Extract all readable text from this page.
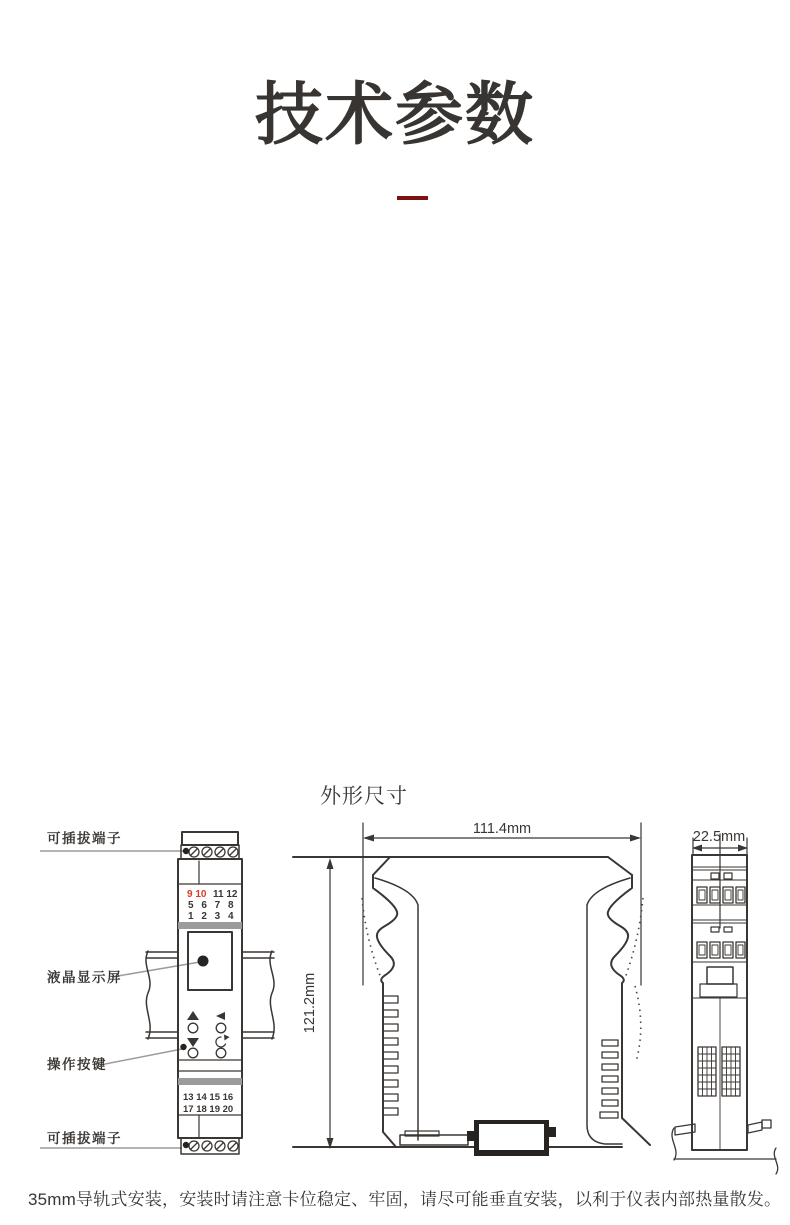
技术参数
外形尺寸
可插拔端子
液晶显示屏
操作按键
可插拔端子
9 10 11 12
5 6 7 8
1 2 3 4
13 14 15 16
17 18 19 20
111.4mm
121.2mm
22.5mm
35mm导轨式安装，安装时请注意卡位稳定、牢固，请尽可能垂直安装，以利于仪表内部热量散发。
